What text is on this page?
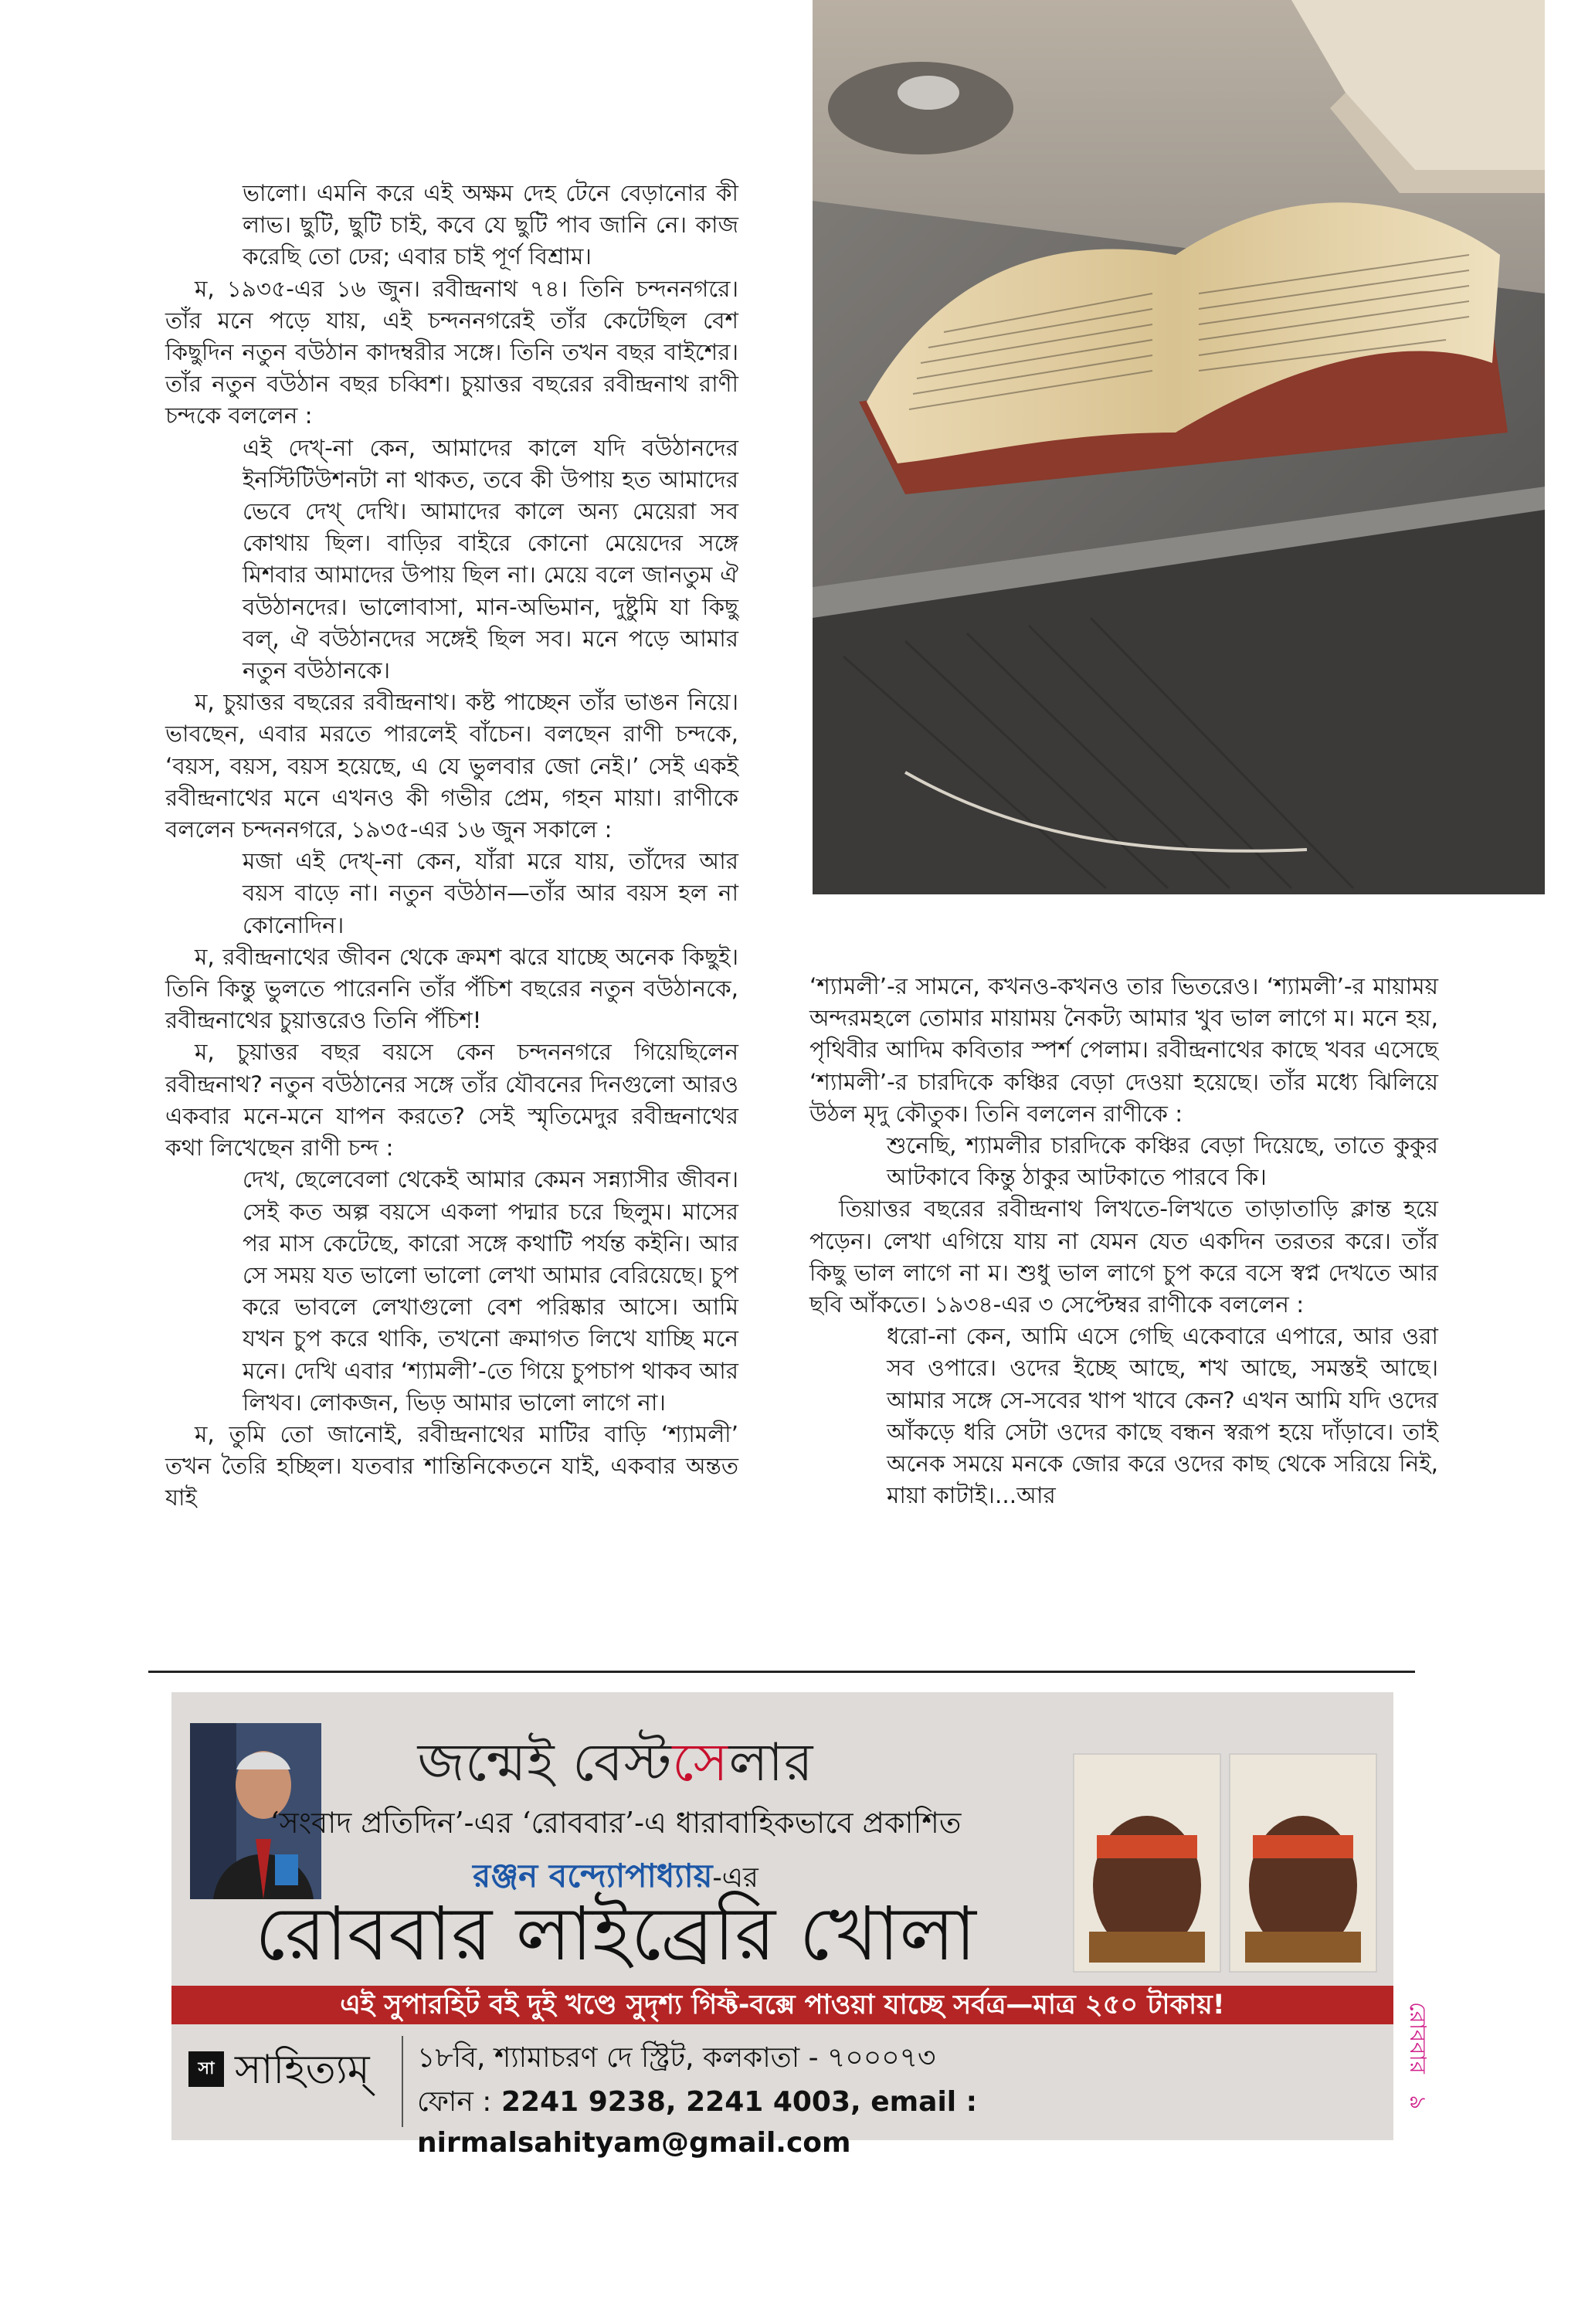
ভালো। এমনি করে এই অক্ষম দেহ টেনে বেড়ানোর কী লাভ। ছুটি, ছুটি চাই, কবে যে ছুটি পাব জানি নে। কাজ করেছি তো ঢের; এবার চাই পূর্ণ বিশ্রাম।

ম, ১৯৩৫-এর ১৬ জুন। রবীন্দ্রনাথ ৭৪। তিনি চন্দননগরে। তাঁর মনে পড়ে যায়, এই চন্দননগরেই তাঁর কেটেছিল বেশ কিছুদিন নতুন বউঠান কাদম্বরীর সঙ্গে। তিনি তখন বছর বাইশের। তাঁর নতুন বউঠান বছর চব্বিশ। চুয়াত্তর বছরের রবীন্দ্রনাথ রাণী চন্দকে বললেন :

এই দেখ্-না কেন, আমাদের কালে যদি বউঠানদের ইনস্টিটিউশনটা না থাকত, তবে কী উপায় হত আমাদের ভেবে দেখ্ দেখি। আমাদের কালে অন্য মেয়েরা সব কোথায় ছিল। বাড়ির বাইরে কোনো মেয়েদের সঙ্গে মিশবার আমাদের উপায় ছিল না। মেয়ে বলে জানতুম ঐ বউঠানদের। ভালোবাসা, মান-অভিমান, দুষ্টুমি যা কিছু বল্, ঐ বউঠানদের সঙ্গেই ছিল সব। মনে পড়ে আমার নতুন বউঠানকে।

ম, চুয়াত্তর বছরের রবীন্দ্রনাথ। কষ্ট পাচ্ছেন তাঁর ভাঙন নিয়ে। ভাবছেন, এবার মরতে পারলেই বাঁচেন। বলছেন রাণী চন্দকে, ‘বয়স, বয়স, বয়স হয়েছে, এ যে ভুলবার জো নেই।’ সেই একই রবীন্দ্রনাথের মনে এখনও কী গভীর প্রেম, গহন মায়া। রাণীকে বললেন চন্দননগরে, ১৯৩৫-এর ১৬ জুন সকালে :

মজা এই দেখ্-না কেন, যাঁরা মরে যায়, তাঁদের আর বয়স বাড়ে না। নতুন বউঠান—তাঁর আর বয়স হল না কোনোদিন।

ম, রবীন্দ্রনাথের জীবন থেকে ক্রমশ ঝরে যাচ্ছে অনেক কিছুই। তিনি কিন্তু ভুলতে পারেননি তাঁর পঁচিশ বছরের নতুন বউঠানকে, রবীন্দ্রনাথের চুয়াত্তরেও তিনি পঁচিশ!

ম, চুয়াত্তর বছর বয়সে কেন চন্দননগরে গিয়েছিলেন রবীন্দ্রনাথ? নতুন বউঠানের সঙ্গে তাঁর যৌবনের দিনগুলো আরও একবার মনে-মনে যাপন করতে? সেই স্মৃতিমেদুর রবীন্দ্রনাথের কথা লিখেছেন রাণী চন্দ :

দেখ, ছেলেবেলা থেকেই আমার কেমন সন্ন্যাসীর জীবন। সেই কত অল্প বয়সে একলা পদ্মার চরে ছিলুম। মাসের পর মাস কেটেছে, কারো সঙ্গে কথাটি পর্যন্ত কইনি। আর সে সময় যত ভালো ভালো লেখা আমার বেরিয়েছে। চুপ করে ভাবলে লেখাগুলো বেশ পরিষ্কার আসে। আমি যখন চুপ করে থাকি, তখনো ক্রমাগত লিখে যাচ্ছি মনে মনে। দেখি এবার ‘শ্যামলী’-তে গিয়ে চুপচাপ থাকব আর লিখব। লোকজন, ভিড় আমার ভালো লাগে না।

ম, তুমি তো জানোই, রবীন্দ্রনাথের মাটির বাড়ি ‘শ্যামলী’ তখন তৈরি হচ্ছিল। যতবার শান্তিনিকেতনে যাই, একবার অন্তত যাই

‘শ্যামলী’-র সামনে, কখনও-কখনও তার ভিতরেও। ‘শ্যামলী’-র মায়াময় অন্দরমহলে তোমার মায়াময় নৈকট্য আমার খুব ভাল লাগে ম। মনে হয়, পৃথিবীর আদিম কবিতার স্পর্শ পেলাম। রবীন্দ্রনাথের কাছে খবর এসেছে ‘শ্যামলী’-র চারদিকে কঞ্চির বেড়া দেওয়া হয়েছে। তাঁর মধ্যে ঝিলিয়ে উঠল মৃদু কৌতুক। তিনি বললেন রাণীকে :

শুনেছি, শ্যামলীর চারদিকে কঞ্চির বেড়া দিয়েছে, তাতে কুকুর আটকাবে কিন্তু ঠাকুর আটকাতে পারবে কি।

তিয়াত্তর বছরের রবীন্দ্রনাথ লিখতে-লিখতে তাড়াতাড়ি ক্লান্ত হয়ে পড়েন। লেখা এগিয়ে যায় না যেমন যেত একদিন তরতর করে। তাঁর কিছু ভাল লাগে না ম। শুধু ভাল লাগে চুপ করে বসে স্বপ্ন দেখতে আর ছবি আঁকতে। ১৯৩৪-এর ৩ সেপ্টেম্বর রাণীকে বললেন :

ধরো-না কেন, আমি এসে গেছি একেবারে এপারে, আর ওরা সব ওপারে। ওদের ইচ্ছে আছে, শখ আছে, সমস্তই আছে। আমার সঙ্গে সে-সবের খাপ খাবে কেন? এখন আমি যদি ওদের আঁকড়ে ধরি সেটা ওদের কাছে বন্ধন স্বরূপ হয়ে দাঁড়াবে। তাই অনেক সময়ে মনকে জোর করে ওদের কাছ থেকে সরিয়ে নিই, মায়া কাটাই।...আর

জন্মেই বেস্টসেলার
‘সংবাদ প্রতিদিন’-এর ‘রোববার’-এ ধারাবাহিকভাবে প্রকাশিত
রঞ্জন বন্দ্যোপাধ্যায়-এর
রোববার লাইব্রেরি খোলা
এই সুপারহিট বই দুই খণ্ডে সুদৃশ্য গিফ্ট-বক্সে পাওয়া যাচ্ছে সর্বত্র—মাত্র ২৫০ টাকায়!
সা সাহিত্যম্ ১৮বি, শ্যামাচরণ দে স্ট্রিট, কলকাতা - ৭০০০৭৩
ফোন : 2241 9238, 2241 4003, email : nirmalsahityam@gmail.com
রোববার   ৯
